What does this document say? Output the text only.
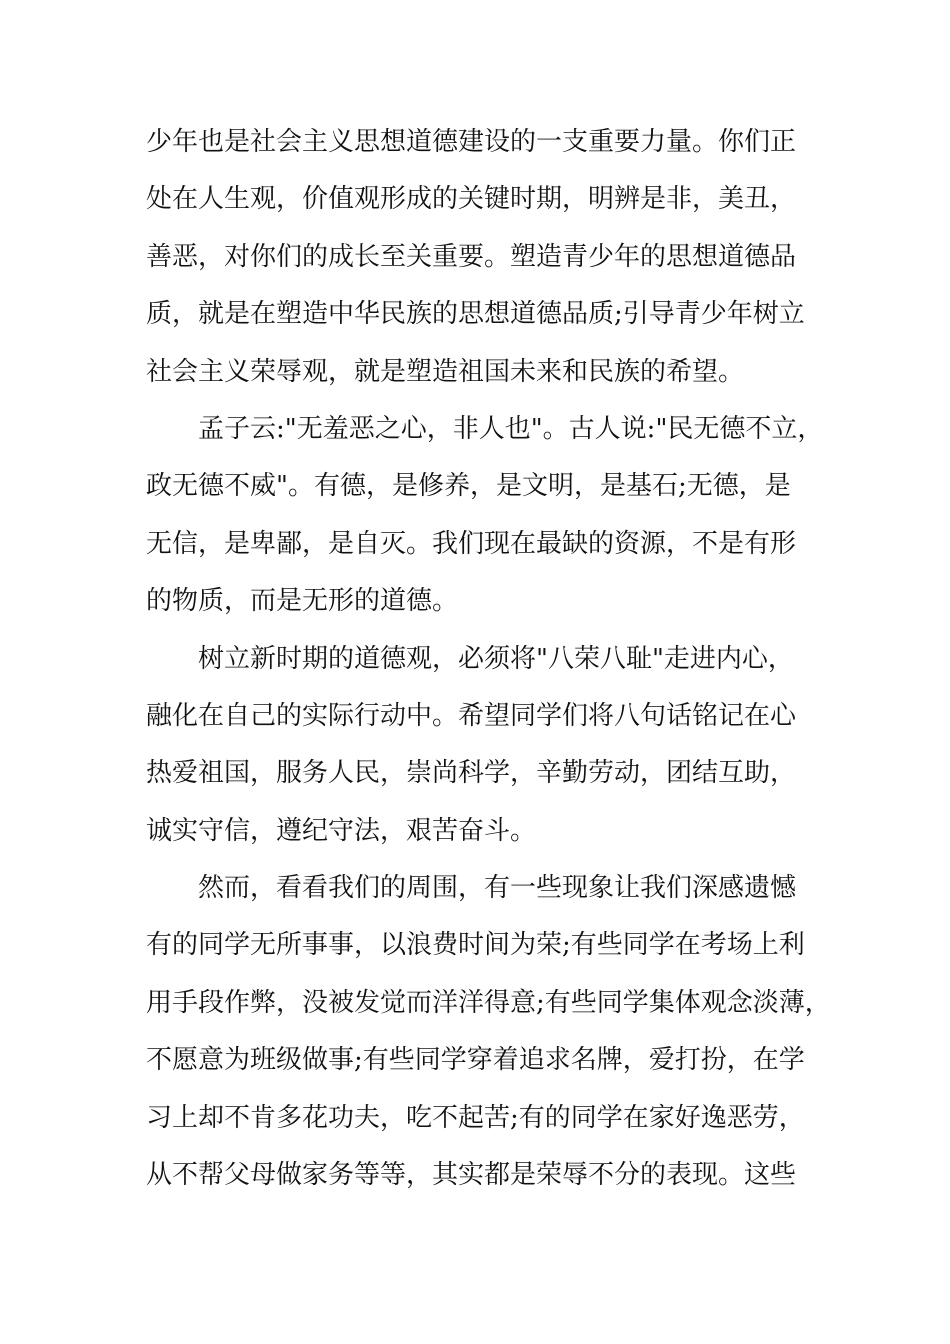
少年也是社会主义思想道德建设的一支重要力量。你们正
处在人生观，价值观形成的关键时期，明辨是非，美丑，
善恶，对你们的成长至关重要。塑造青少年的思想道德品
质，就是在塑造中华民族的思想道德品质;引导青少年树立
社会主义荣辱观，就是塑造祖国未来和民族的希望。
孟子云:"无羞恶之心，非人也"。古人说:"民无德不立，
政无德不威"。有德，是修养，是文明，是基石;无德，是
无信，是卑鄙，是自灭。我们现在最缺的资源，不是有形
的物质，而是无形的道德。
树立新时期的道德观，必须将"八荣八耻"走进内心，
融化在自己的实际行动中。希望同学们将八句话铭记在心
热爱祖国，服务人民，崇尚科学，辛勤劳动，团结互助，
诚实守信，遵纪守法，艰苦奋斗。
然而，看看我们的周围，有一些现象让我们深感遗憾
有的同学无所事事，以浪费时间为荣;有些同学在考场上利
用手段作弊，没被发觉而洋洋得意;有些同学集体观念淡薄，
不愿意为班级做事;有些同学穿着追求名牌，爱打扮，在学
习上却不肯多花功夫，吃不起苦;有的同学在家好逸恶劳，
从不帮父母做家务等等，其实都是荣辱不分的表现。这些
